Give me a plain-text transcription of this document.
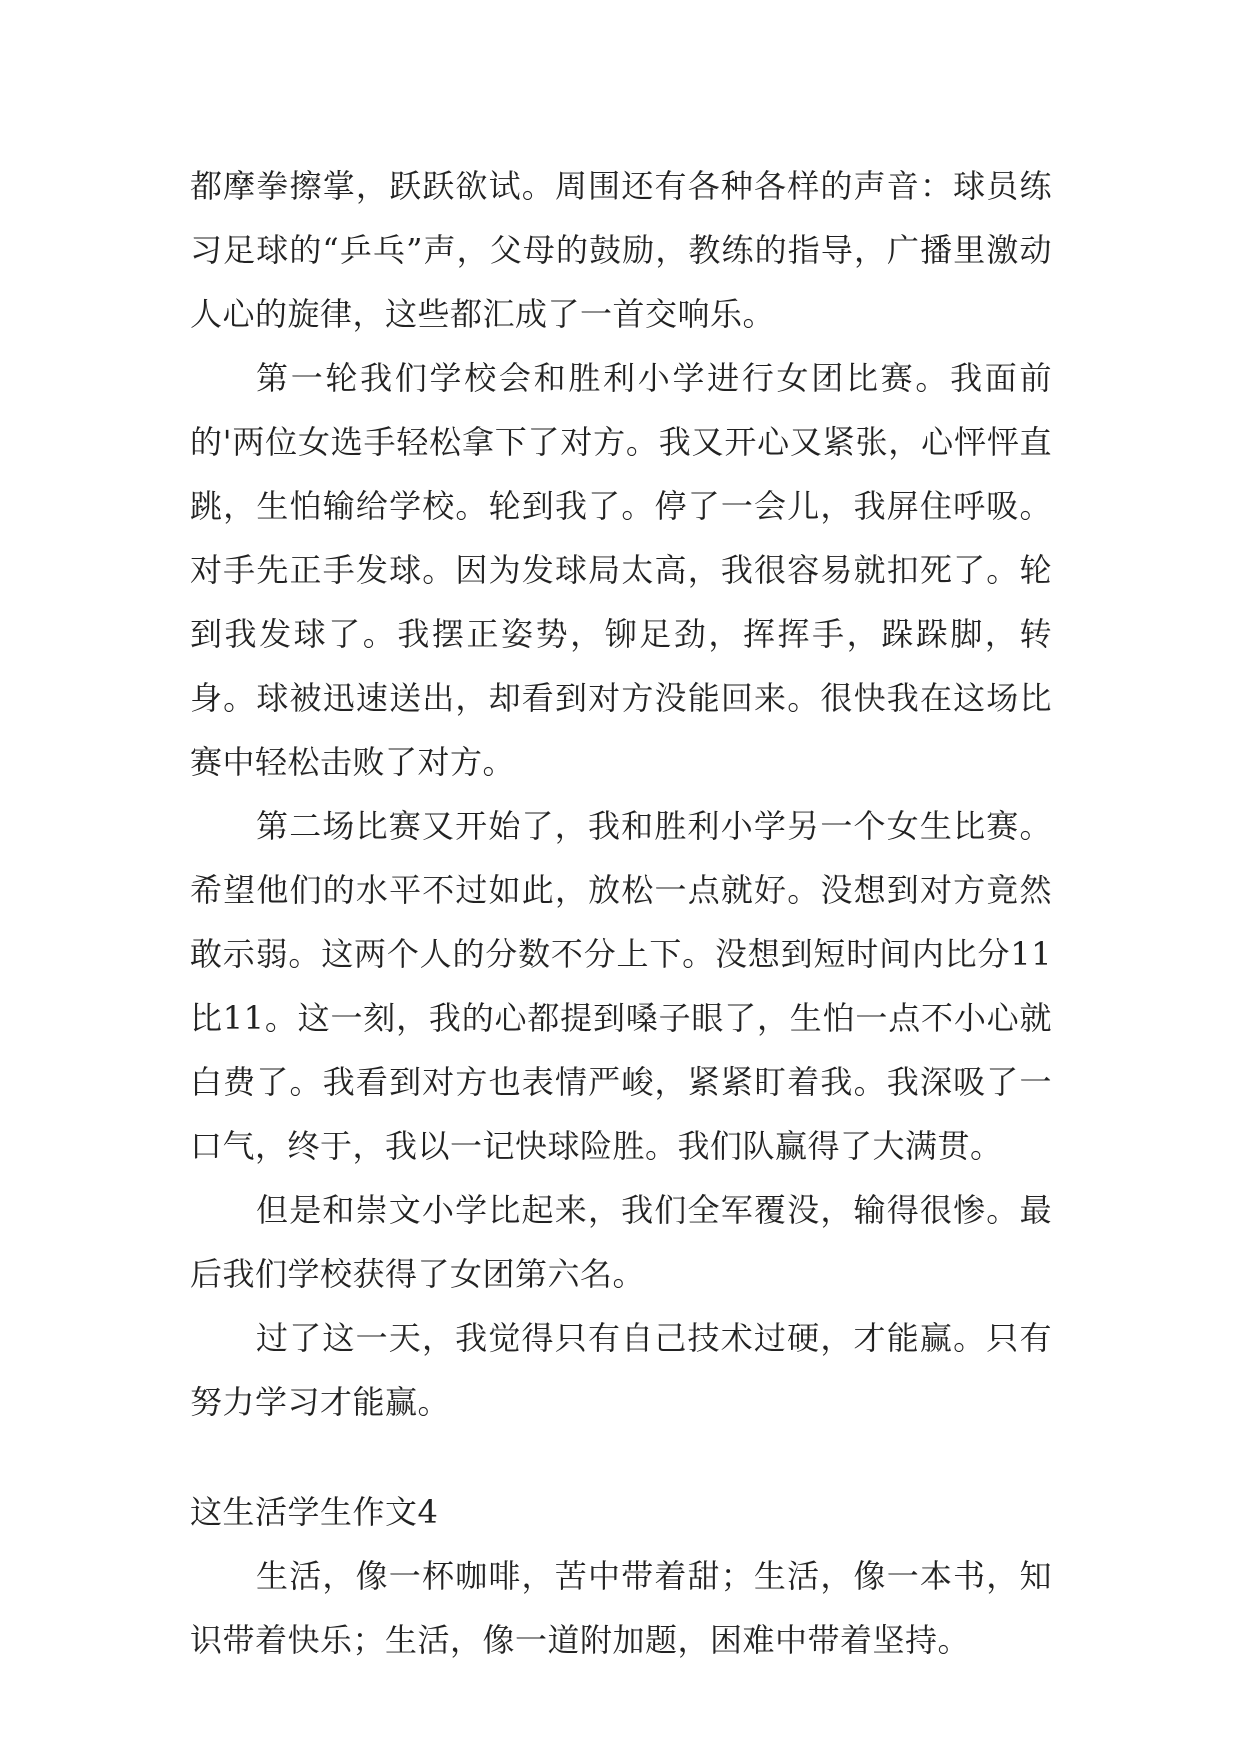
都摩拳擦掌，跃跃欲试。周围还有各种各样的声音：球员练习足球的“乒乓”声，父母的鼓励，教练的指导，广播里激动人心的旋律，这些都汇成了一首交响乐。

第一轮我们学校会和胜利小学进行女团比赛。我面前的'两位女选手轻松拿下了对方。我又开心又紧张，心怦怦直跳，生怕输给学校。轮到我了。停了一会儿，我屏住呼吸。对手先正手发球。因为发球局太高，我很容易就扣死了。轮到我发球了。我摆正姿势，铆足劲，挥挥手，跺跺脚，转身。球被迅速送出，却看到对方没能回来。很快我在这场比赛中轻松击败了对方。

第二场比赛又开始了，我和胜利小学另一个女生比赛。希望他们的水平不过如此，放松一点就好。没想到对方竟然敢示弱。这两个人的分数不分上下。没想到短时间内比分11比11。这一刻，我的心都提到嗓子眼了，生怕一点不小心就白费了。我看到对方也表情严峻，紧紧盯着我。我深吸了一口气，终于，我以一记快球险胜。我们队赢得了大满贯。

但是和崇文小学比起来，我们全军覆没，输得很惨。最后我们学校获得了女团第六名。

过了这一天，我觉得只有自己技术过硬，才能赢。只有努力学习才能赢。

这生活学生作文4

生活，像一杯咖啡，苦中带着甜；生活，像一本书，知识带着快乐；生活，像一道附加题，困难中带着坚持。
